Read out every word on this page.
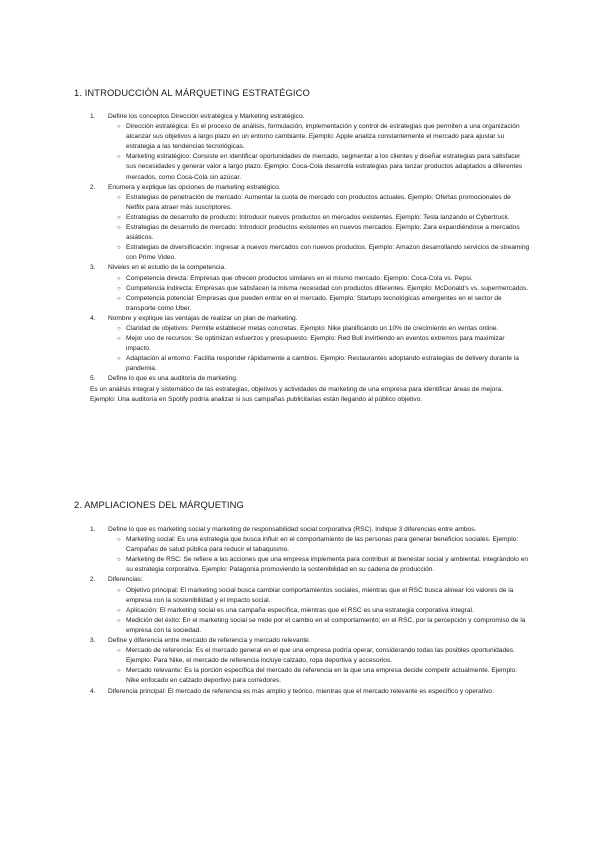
1. INTRODUCCIÓN AL MÁRQUETING ESTRATÉGICO
1. Define los conceptos Dirección estratégica y Marketing estratégico.
○ Dirección estratégica: Es el proceso de análisis, formulación, implementación y control de estrategias que permiten a una organización alcanzar sus objetivos a largo plazo en un entorno cambiante. Ejemplo: Apple analiza constantemente el mercado para ajustar su estrategia a las tendencias tecnológicas.
○ Marketing estratégico: Consiste en identificar oportunidades de mercado, segmentar a los clientes y diseñar estrategias para satisfacer sus necesidades y generar valor a largo plazo. Ejemplo: Coca-Cola desarrolla estrategias para lanzar productos adaptados a diferentes mercados, como Coca-Cola sin azúcar.
2. Enumera y explique las opciones de marketing estratégico.
○ Estrategias de penetración de mercado: Aumentar la cuota de mercado con productos actuales. Ejemplo: Ofertas promocionales de Netflix para atraer más suscriptores.
○ Estrategias de desarrollo de producto: Introducir nuevos productos en mercados existentes. Ejemplo: Tesla lanzando el Cybertruck.
○ Estrategias de desarrollo de mercado: Introducir productos existentes en nuevos mercados. Ejemplo: Zara expandiéndose a mercados asiáticos.
○ Estrategias de diversificación: Ingresar a nuevos mercados con nuevos productos. Ejemplo: Amazon desarrollando servicios de streaming con Prime Video.
3. Niveles en el estudio de la competencia.
○ Competencia directa: Empresas que ofrecen productos similares en el mismo mercado. Ejemplo: Coca-Cola vs. Pepsi.
○ Competencia indirecta: Empresas que satisfacen la misma necesidad con productos diferentes. Ejemplo: McDonald's vs. supermercados.
○ Competencia potencial: Empresas que pueden entrar en el mercado. Ejemplo: Startups tecnológicas emergentes en el sector de transporte como Uber.
4. Nombre y explique las ventajas de realizar un plan de marketing.
○ Claridad de objetivos: Permite establecer metas concretas. Ejemplo: Nike planificando un 10% de crecimiento en ventas online.
○ Mejor uso de recursos: Se optimizan esfuerzos y presupuesto. Ejemplo: Red Bull invirtiendo en eventos extremos para maximizar impacto.
○ Adaptación al entorno: Facilita responder rápidamente a cambios. Ejemplo: Restaurantes adoptando estrategias de delivery durante la pandemia.
5. Define lo que es una auditoría de marketing.

Es un análisis integral y sistemático de las estrategias, objetivos y actividades de marketing de una empresa para identificar áreas de mejora. Ejemplo: Una auditoría en Spotify podría analizar si sus campañas publicitarias están llegando al público objetivo.

2. AMPLIACIONES DEL MÁRQUETING
1. Define lo que es marketing social y marketing de responsabilidad social corporativa (RSC). Indique 3 diferencias entre ambos.
○ Marketing social: Es una estrategia que busca influir en el comportamiento de las personas para generar beneficios sociales. Ejemplo: Campañas de salud pública para reducir el tabaquismo.
○ Marketing de RSC: Se refiere a las acciones que una empresa implementa para contribuir al bienestar social y ambiental, integrándolo en su estrategia corporativa. Ejemplo: Patagonia promoviendo la sostenibilidad en su cadena de producción.
2. Diferencias:
○ Objetivo principal: El marketing social busca cambiar comportamientos sociales, mientras que el RSC busca alinear los valores de la empresa con la sostenibilidad y el impacto social.
○ Aplicación: El marketing social es una campaña específica, mientras que el RSC es una estrategia corporativa integral.
○ Medición del éxito: En el marketing social se mide por el cambio en el comportamiento; en el RSC, por la percepción y compromiso de la empresa con la sociedad.
3. Define y diferencia entre mercado de referencia y mercado relevante.
○ Mercado de referencia: Es el mercado general en el que una empresa podría operar, considerando todas las posibles oportunidades. Ejemplo: Para Nike, el mercado de referencia incluye calzado, ropa deportiva y accesorios.
○ Mercado relevante: Es la porción específica del mercado de referencia en la que una empresa decide competir actualmente. Ejemplo: Nike enfocado en calzado deportivo para corredores.
4. Diferencia principal: El mercado de referencia es más amplio y teórico, mientras que el mercado relevante es específico y operativo.
